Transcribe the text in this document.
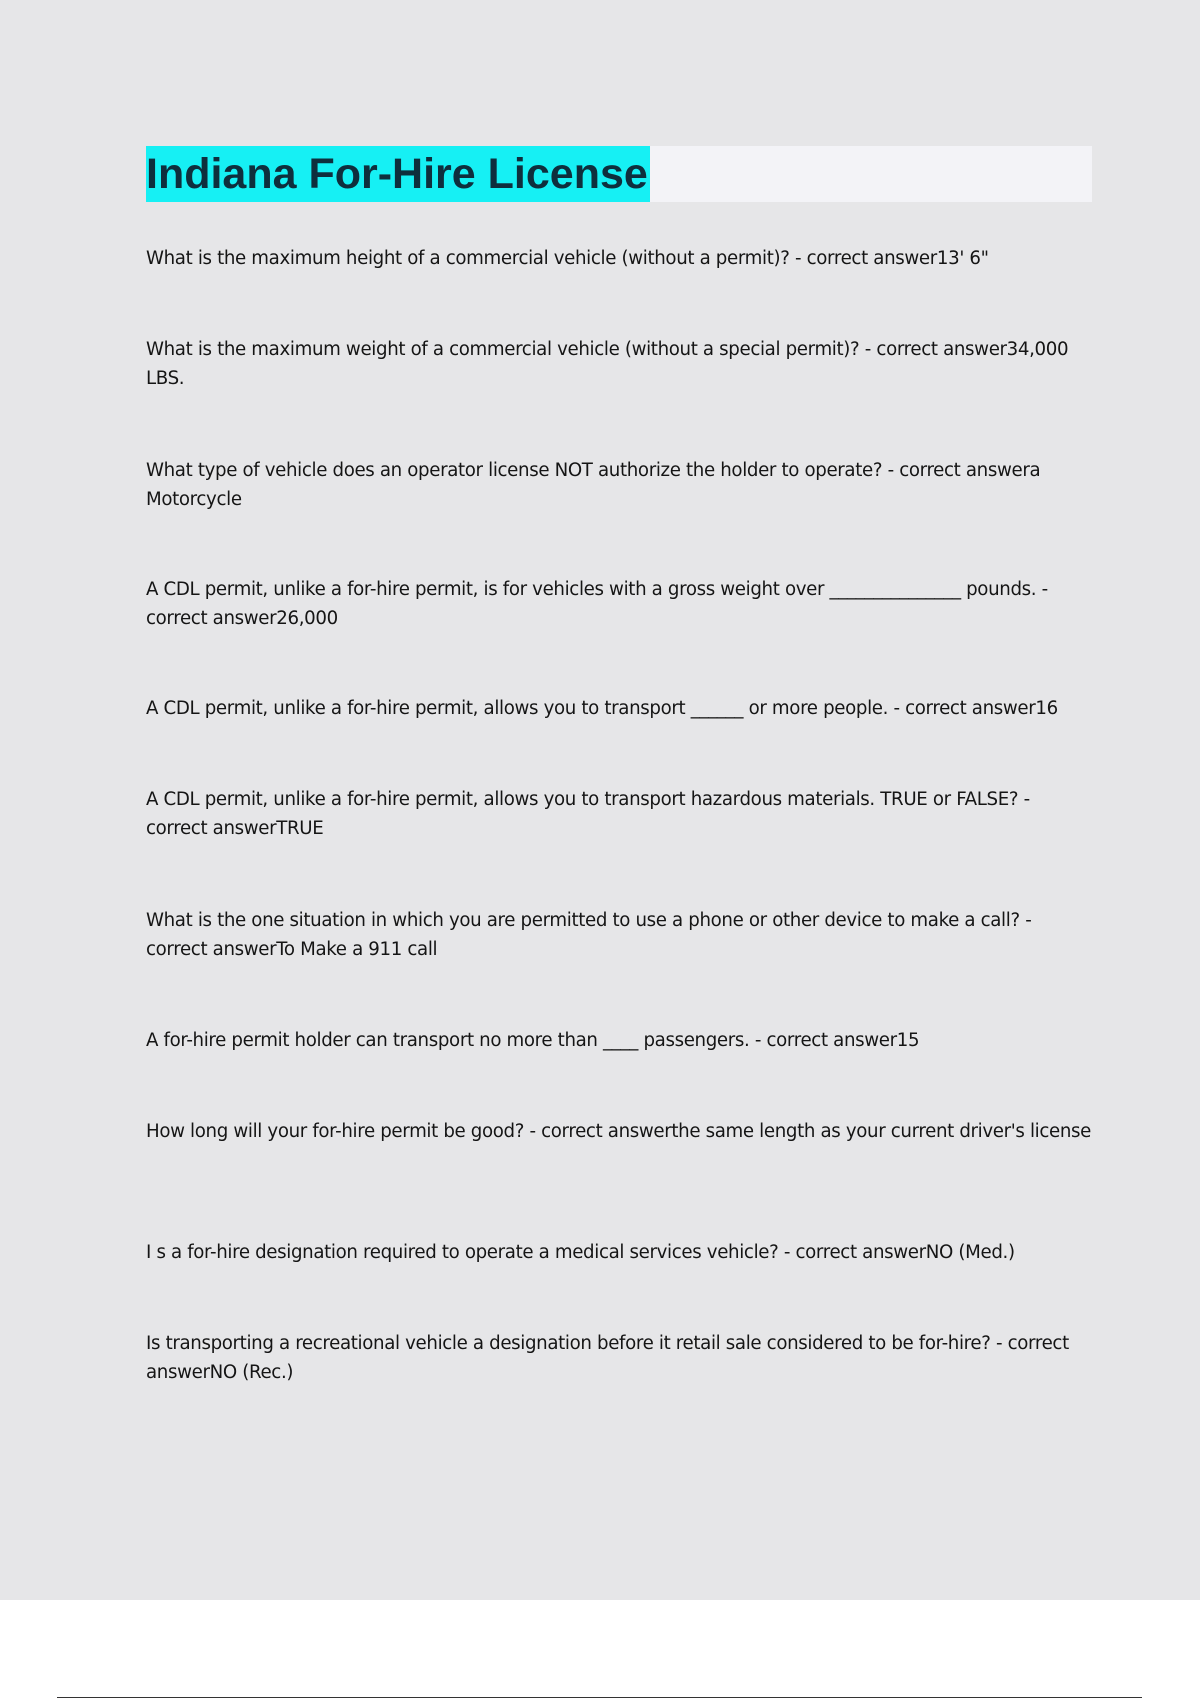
Indiana For-Hire License
What is the maximum height of a commercial vehicle (without a permit)? - correct answer13' 6"
What is the maximum weight of a commercial vehicle (without a special permit)? - correct answer34,000 LBS.
What type of vehicle does an operator license NOT authorize the holder to operate? - correct answera Motorcycle
A CDL permit, unlike a for-hire permit, is for vehicles with a gross weight over _______________ pounds. - correct answer26,000
A CDL permit, unlike a for-hire permit, allows you to transport ______ or more people. - correct answer16
A CDL permit, unlike a for-hire permit, allows you to transport hazardous materials. TRUE or FALSE? - correct answerTRUE
What is the one situation in which you are permitted to use a phone or other device to make a call? - correct answerTo Make a 911 call
A for-hire permit holder can transport no more than ____ passengers. - correct answer15
How long will your for-hire permit be good? - correct answerthe same length as your current driver's license
I s a for-hire designation required to operate a medical services vehicle? - correct answerNO (Med.)
Is transporting a recreational vehicle a designation before it retail sale considered to be for-hire? - correct answerNO (Rec.)
